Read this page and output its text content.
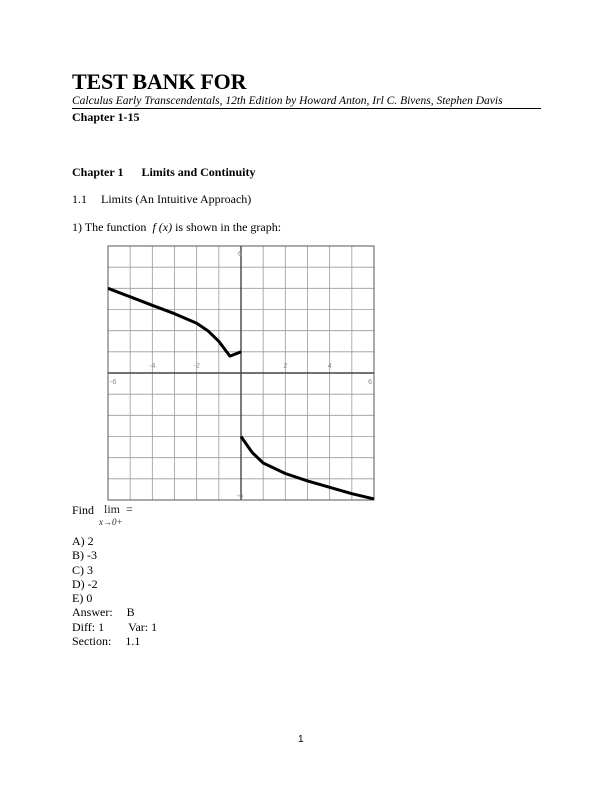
TEST BANK FOR
Calculus Early Transcendentals, 12th Edition by Howard Anton, Irl C. Bivens, Stephen Davis
Chapter 1-15
Chapter 1 Limits and Continuity
1.1 Limits (An Intuitive Approach)
1) The function f (x) is shown in the graph:
-4	-2	2	4
-6	6
6
-6
Find lim =
x→0+
A) 2
B) -3
C) 3
D) -2
E) 0
Answer: B
Diff: 1 Var: 1
Section: 1.1
1
